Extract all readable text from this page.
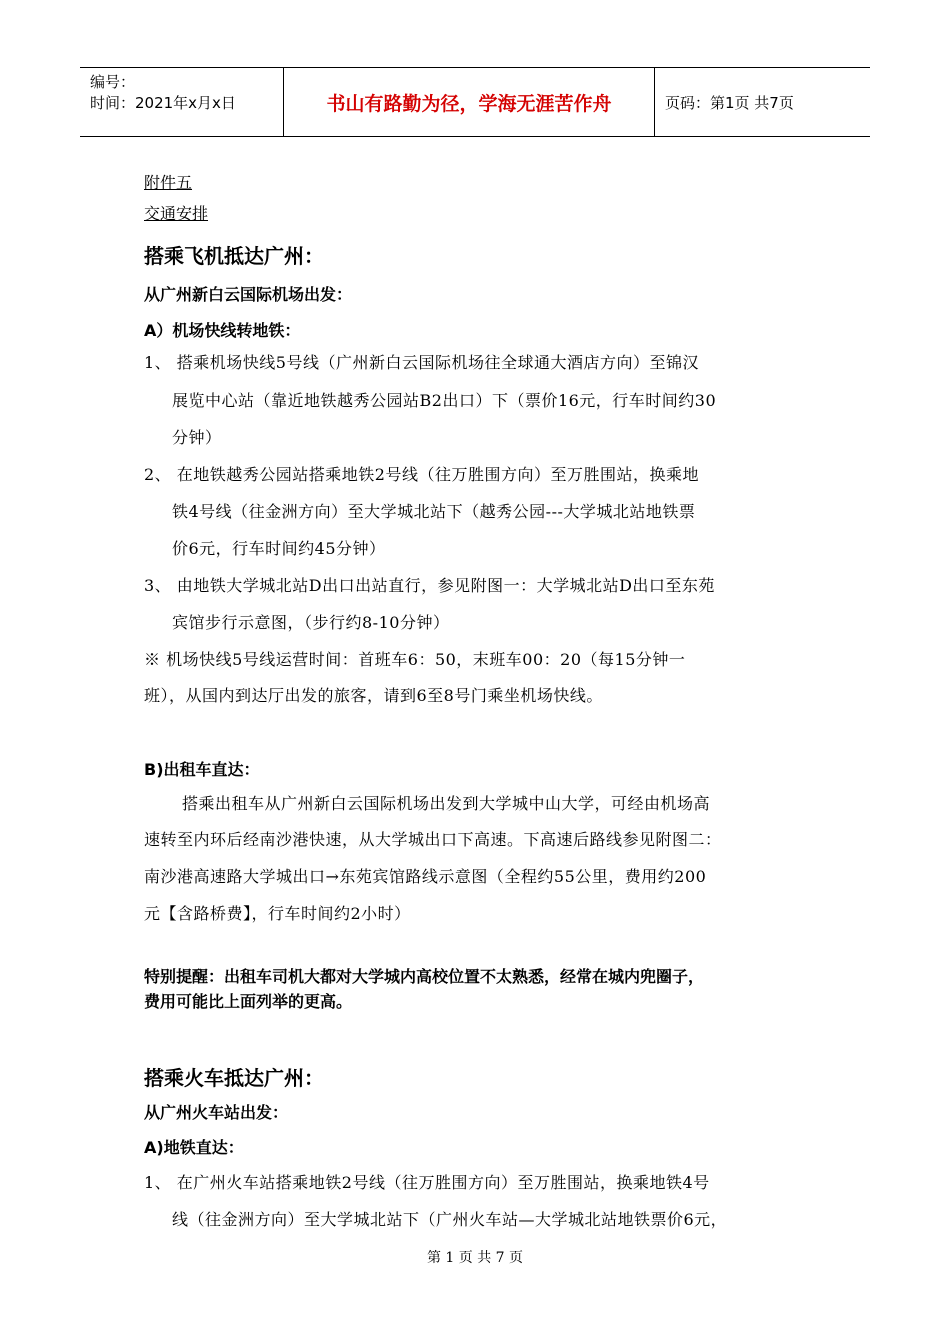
编号：
时间：2021年x月x日	书山有路勤为径，学海无涯苦作舟	页码：第1页 共7页
附件五
交通安排
搭乘飞机抵达广州：
从广州新白云国际机场出发：
A）机场快线转地铁：
1、 搭乘机场快线5号线（广州新白云国际机场往全球通大酒店方向）至锦汉
展览中心站（靠近地铁越秀公园站B2出口）下（票价16元，行车时间约30
分钟）
2、 在地铁越秀公园站搭乘地铁2号线（往万胜围方向）至万胜围站，换乘地
铁4号线（往金洲方向）至大学城北站下（越秀公园---大学城北站地铁票
价6元，行车时间约45分钟）
3、 由地铁大学城北站D出口出站直行，参见附图一：大学城北站D出口至东苑
宾馆步行示意图，（步行约8-10分钟）
※ 机场快线5号线运营时间：首班车6：50，末班车00：20（每15分钟一
班），从国内到达厅出发的旅客，请到6至8号门乘坐机场快线。
B)出租车直达：
搭乘出租车从广州新白云国际机场出发到大学城中山大学，可经由机场高
速转至内环后经南沙港快速，从大学城出口下高速。下高速后路线参见附图二：
南沙港高速路大学城出口→东苑宾馆路线示意图（全程约55公里，费用约200
元【含路桥费】，行车时间约2小时）
特别提醒：出租车司机大都对大学城内高校位置不太熟悉，经常在城内兜圈子，
费用可能比上面列举的更高。
搭乘火车抵达广州：
从广州火车站出发：
A)地铁直达：
1、 在广州火车站搭乘地铁2号线（往万胜围方向）至万胜围站，换乘地铁4号
线（往金洲方向）至大学城北站下（广州火车站—大学城北站地铁票价6元，
第 1 页 共 7 页
